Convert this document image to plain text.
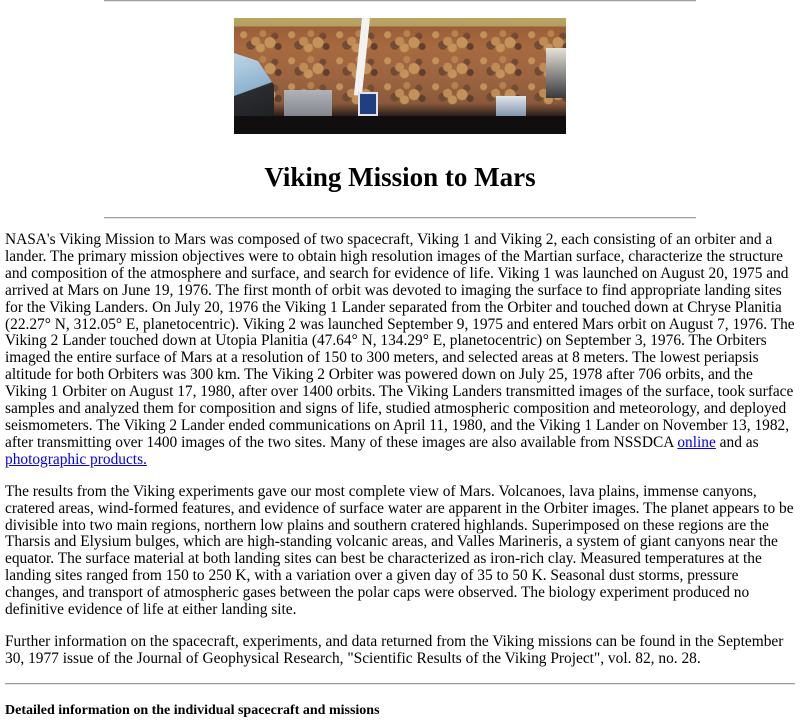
Viking Mission to Mars

NASA's Viking Mission to Mars was composed of two spacecraft, Viking 1 and Viking 2, each consisting of an orbiter and a lander. The primary mission objectives were to obtain high resolution images of the Martian surface, characterize the structure and composition of the atmosphere and surface, and search for evidence of life. Viking 1 was launched on August 20, 1975 and arrived at Mars on June 19, 1976. The first month of orbit was devoted to imaging the surface to find appropriate landing sites for the Viking Landers. On July 20, 1976 the Viking 1 Lander separated from the Orbiter and touched down at Chryse Planitia (22.27° N, 312.05° E, planetocentric). Viking 2 was launched September 9, 1975 and entered Mars orbit on August 7, 1976. The Viking 2 Lander touched down at Utopia Planitia (47.64° N, 134.29° E, planetocentric) on September 3, 1976. The Orbiters imaged the entire surface of Mars at a resolution of 150 to 300 meters, and selected areas at 8 meters. The lowest periapsis altitude for both Orbiters was 300 km. The Viking 2 Orbiter was powered down on July 25, 1978 after 706 orbits, and the Viking 1 Orbiter on August 17, 1980, after over 1400 orbits. The Viking Landers transmitted images of the surface, took surface samples and analyzed them for composition and signs of life, studied atmospheric composition and meteorology, and deployed seismometers. The Viking 2 Lander ended communications on April 11, 1980, and the Viking 1 Lander on November 13, 1982, after transmitting over 1400 images of the two sites. Many of these images are also available from NSSDCA online and as photographic products.

The results from the Viking experiments gave our most complete view of Mars. Volcanoes, lava plains, immense canyons, cratered areas, wind-formed features, and evidence of surface water are apparent in the Orbiter images. The planet appears to be divisible into two main regions, northern low plains and southern cratered highlands. Superimposed on these regions are the Tharsis and Elysium bulges, which are high-standing volcanic areas, and Valles Marineris, a system of giant canyons near the equator. The surface material at both landing sites can best be characterized as iron-rich clay. Measured temperatures at the landing sites ranged from 150 to 250 K, with a variation over a given day of 35 to 50 K. Seasonal dust storms, pressure changes, and transport of atmospheric gases between the polar caps were observed. The biology experiment produced no definitive evidence of life at either landing site.

Further information on the spacecraft, experiments, and data returned from the Viking missions can be found in the September 30, 1977 issue of the Journal of Geophysical Research, "Scientific Results of the Viking Project", vol. 82, no. 28.

Detailed information on the individual spacecraft and missions
